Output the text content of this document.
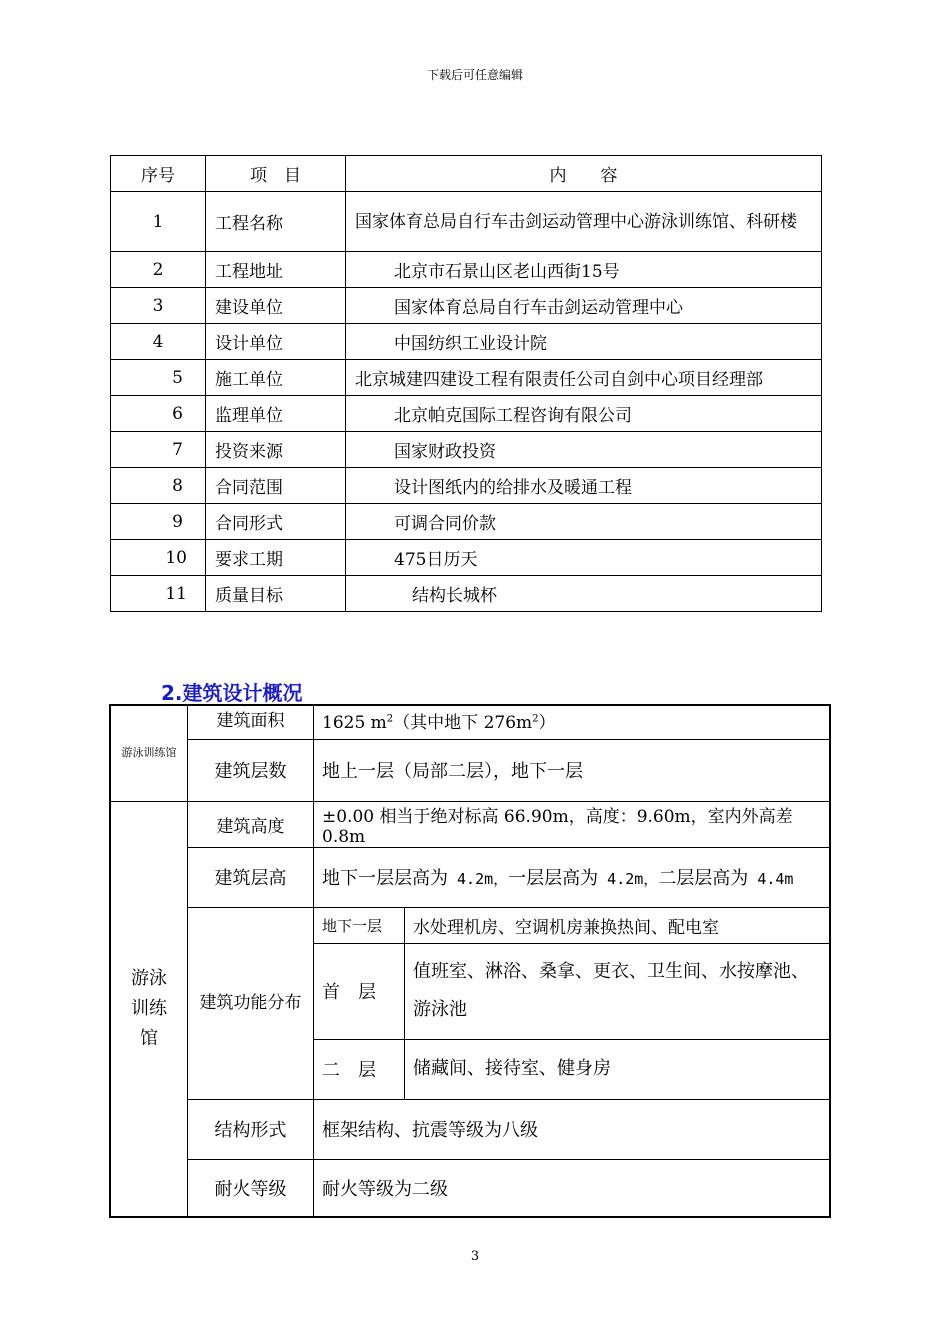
下载后可任意编辑
序号	项　目	内　　容
1	工程名称	国家体育总局自行车击剑运动管理中心游泳训练馆、科研楼
2	工程地址	北京市石景山区老山西街15号
3	建设单位	国家体育总局自行车击剑运动管理中心
4	设计单位	中国纺织工业设计院
5	施工单位	北京城建四建设工程有限责任公司自剑中心项目经理部
6	监理单位	北京帕克国际工程咨询有限公司
7	投资来源	国家财政投资
8	合同范围	设计图纸内的给排水及暖通工程
9	合同形式	可调合同价款
10	要求工期	475日历天
11	质量目标	结构长城杯
2.建筑设计概况
游泳训练馆	建筑面积	1625 $m^2$（其中地下 $276m^2$）	
	建筑层数	地上一层（局部二层），地下一层	
游泳训练馆	建筑高度	±0.00 相当于绝对标高 66.90m，高度：9.60m，室内外高差 0.8m	
	建筑层高	地下一层层高为 4.2m，一层层高为 4.2m，二层层高为 4.4m	
	建筑功能分布	地下一层	水处理机房、空调机房兼换热间、配电室
		首　层	值班室、淋浴、桑拿、更衣、卫生间、水按摩池、游泳池
		二　层	储藏间、接待室、健身房
	结构形式	框架结构、抗震等级为八级	
	耐火等级	耐火等级为二级	
3
